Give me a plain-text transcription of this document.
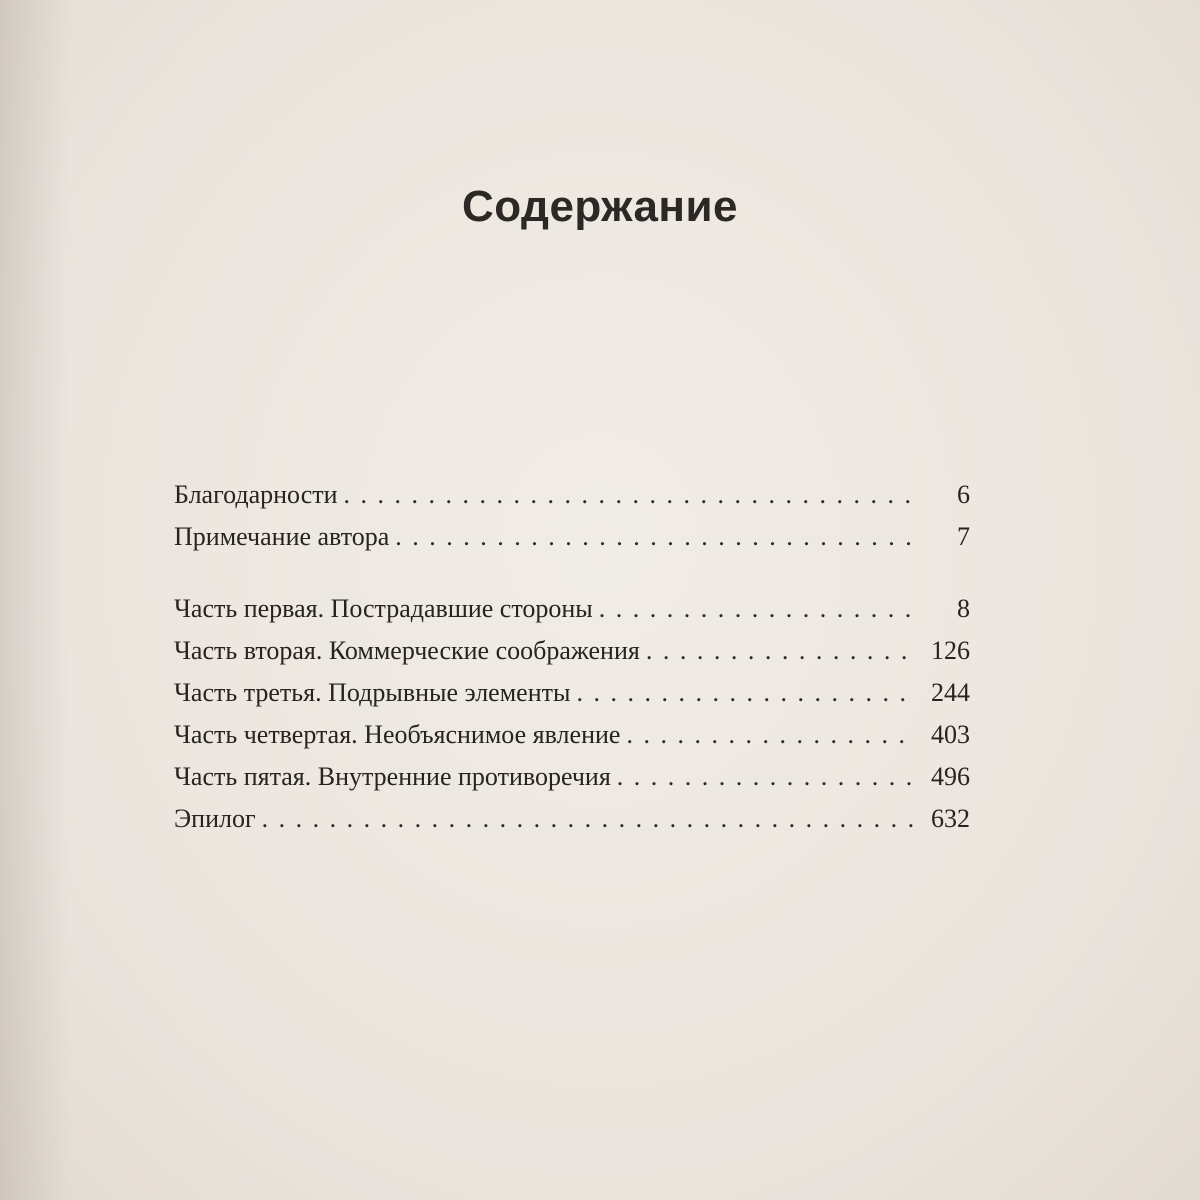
Содержание
Благодарности . . .	6
Примечание автора . . .	7
Часть первая. Пострадавшие стороны . . .	8
Часть вторая. Коммерческие соображения . . .	126
Часть третья. Подрывные элементы . . .	244
Часть четвертая. Необъяснимое явление . . .	403
Часть пятая. Внутренние противоречия . . .	496
Эпилог . . .	632
